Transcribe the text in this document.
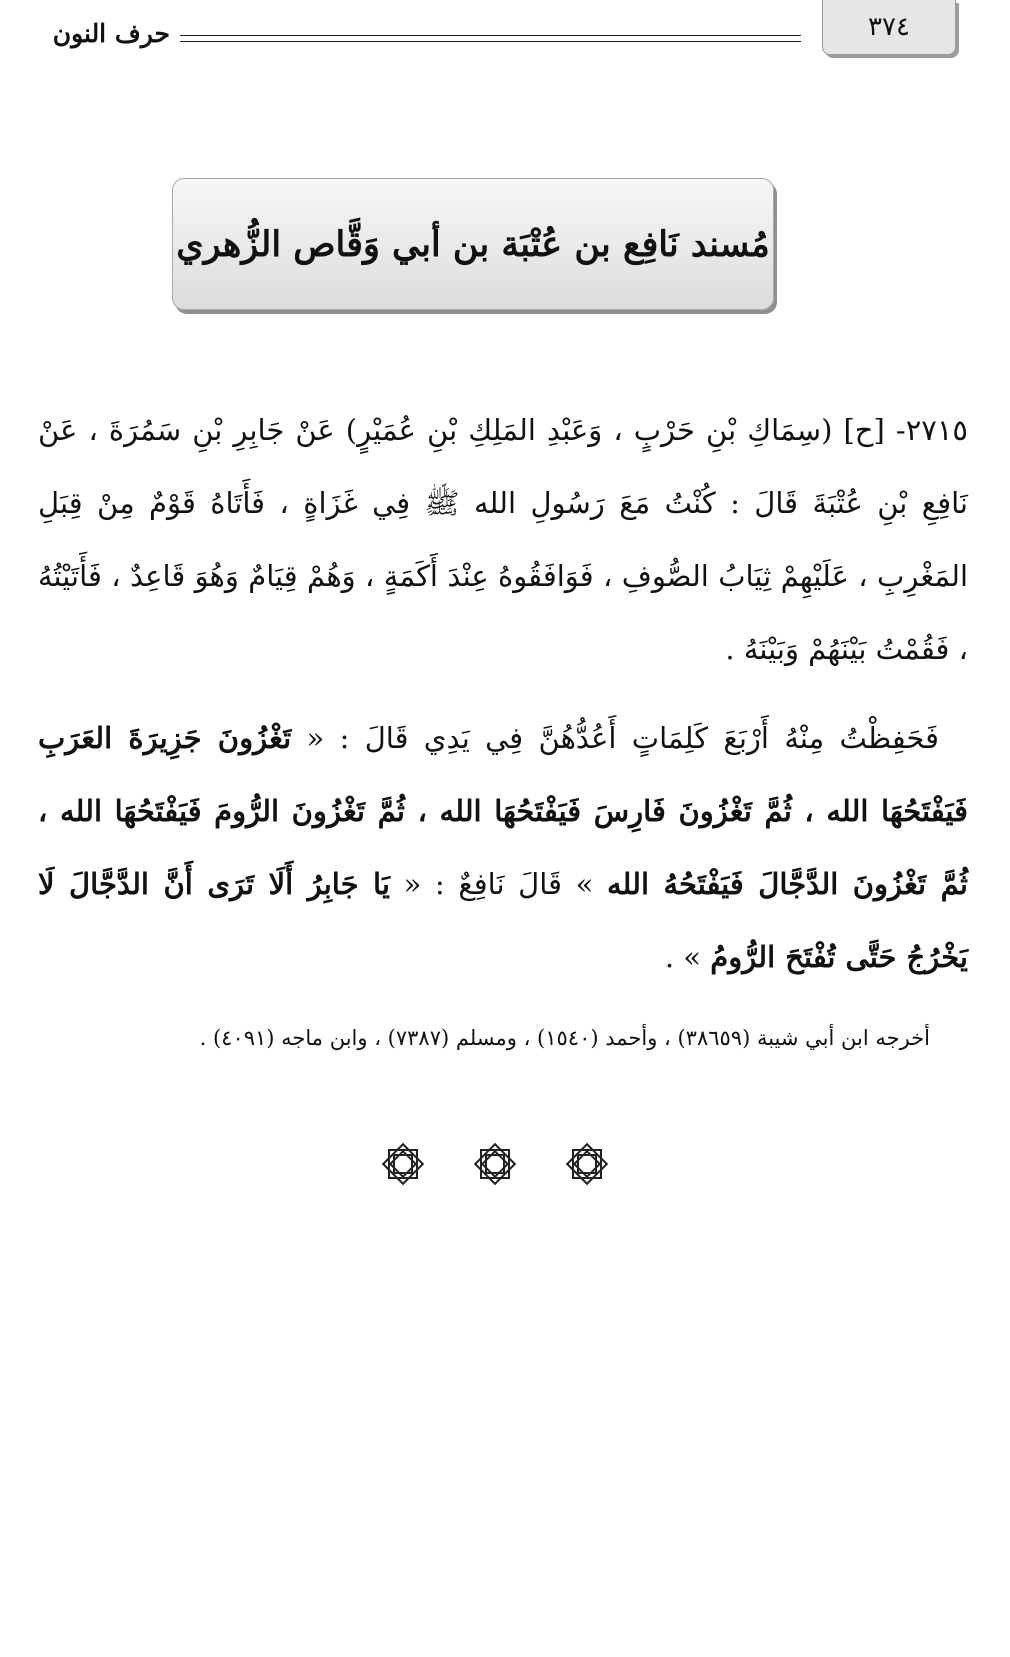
٣٧٤
حرف النون
مُسند نَافِع بن عُتْبَة بن أبي وَقَّاص الزُّهري

٢٧١٥- [ح] (سِمَاكِ بْنِ حَرْبٍ ، وَعَبْدِ المَلِكِ بْنِ عُمَيْرٍ) عَنْ جَابِرِ بْنِ سَمُرَةَ ، عَنْ نَافِعِ بْنِ عُتْبَةَ قَالَ : كُنْتُ مَعَ رَسُولِ الله ﷺ فِي غَزَاةٍ ، فَأَتَاهُ قَوْمٌ مِنْ قِبَلِ المَغْرِبِ ، عَلَيْهِمْ ثِيَابُ الصُّوفِ ، فَوَافَقُوهُ عِنْدَ أَكَمَةٍ ، وَهُمْ قِيَامٌ وَهُوَ قَاعِدٌ ، فَأَتَيْتُهُ ، فَقُمْتُ بَيْنَهُمْ وَبَيْنَهُ .

 فَحَفِظْتُ مِنْهُ أَرْبَعَ كَلِمَاتٍ أَعُدُّهُنَّ فِي يَدِي قَالَ : « تَغْزُونَ جَزِيرَةَ العَرَبِ فَيَفْتَحُهَا الله ، ثُمَّ تَغْزُونَ فَارِسَ فَيَفْتَحُهَا الله ، ثُمَّ تَغْزُونَ الرُّومَ فَيَفْتَحُهَا الله ، ثُمَّ تَغْزُونَ الدَّجَّالَ فَيَفْتَحُهُ الله » قَالَ نَافِعٌ : « يَا جَابِرُ أَلَا تَرَى أَنَّ الدَّجَّالَ لَا يَخْرُجُ حَتَّى تُفْتَحَ الرُّومُ » .

أخرجه ابن أبي شيبة (٣٨٦٥٩) ، وأحمد (١٥٤٠) ، ومسلم (٧٣٨٧) ، وابن ماجه (٤٠٩١) .
